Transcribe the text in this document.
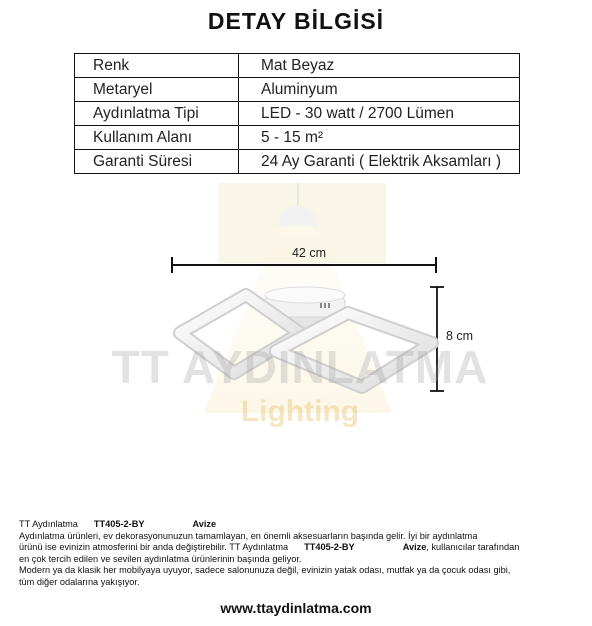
DETAY BİLGİSİ
Renk	Mat Beyaz
Metaryel	Aluminyum
Aydınlatma Tipi	LED - 30 watt / 2700 Lümen
Kullanım Alanı	5 - 15 m²
Garanti Süresi	24 Ay Garanti ( Elektrik Aksamları )
42 cm
8 cm
TT AYDINLATMA
Lighting
TT Aydınlatma TT405-2-BY	Avize
Aydınlatma ürünleri, ev dekorasyonunuzun tamamlayan, en önemli aksesuarların başında gelir. İyi bir aydınlatma
ürünü ise evinizin atmosferini bir anda değiştirebilir. TT Aydınlatma TT405-2-BY	Avize, kullanıcılar tarafından
en çok tercih edilen ve sevilen aydınlatma ürünlerinin başında geliyor.
Modern ya da klasik her mobilyaya uyuyor, sadece salonunuza değil, evinizin yatak odası, mutfak ya da çocuk odası gibi,
tüm diğer odalarına yakışıyor.
www.ttaydinlatma.com
